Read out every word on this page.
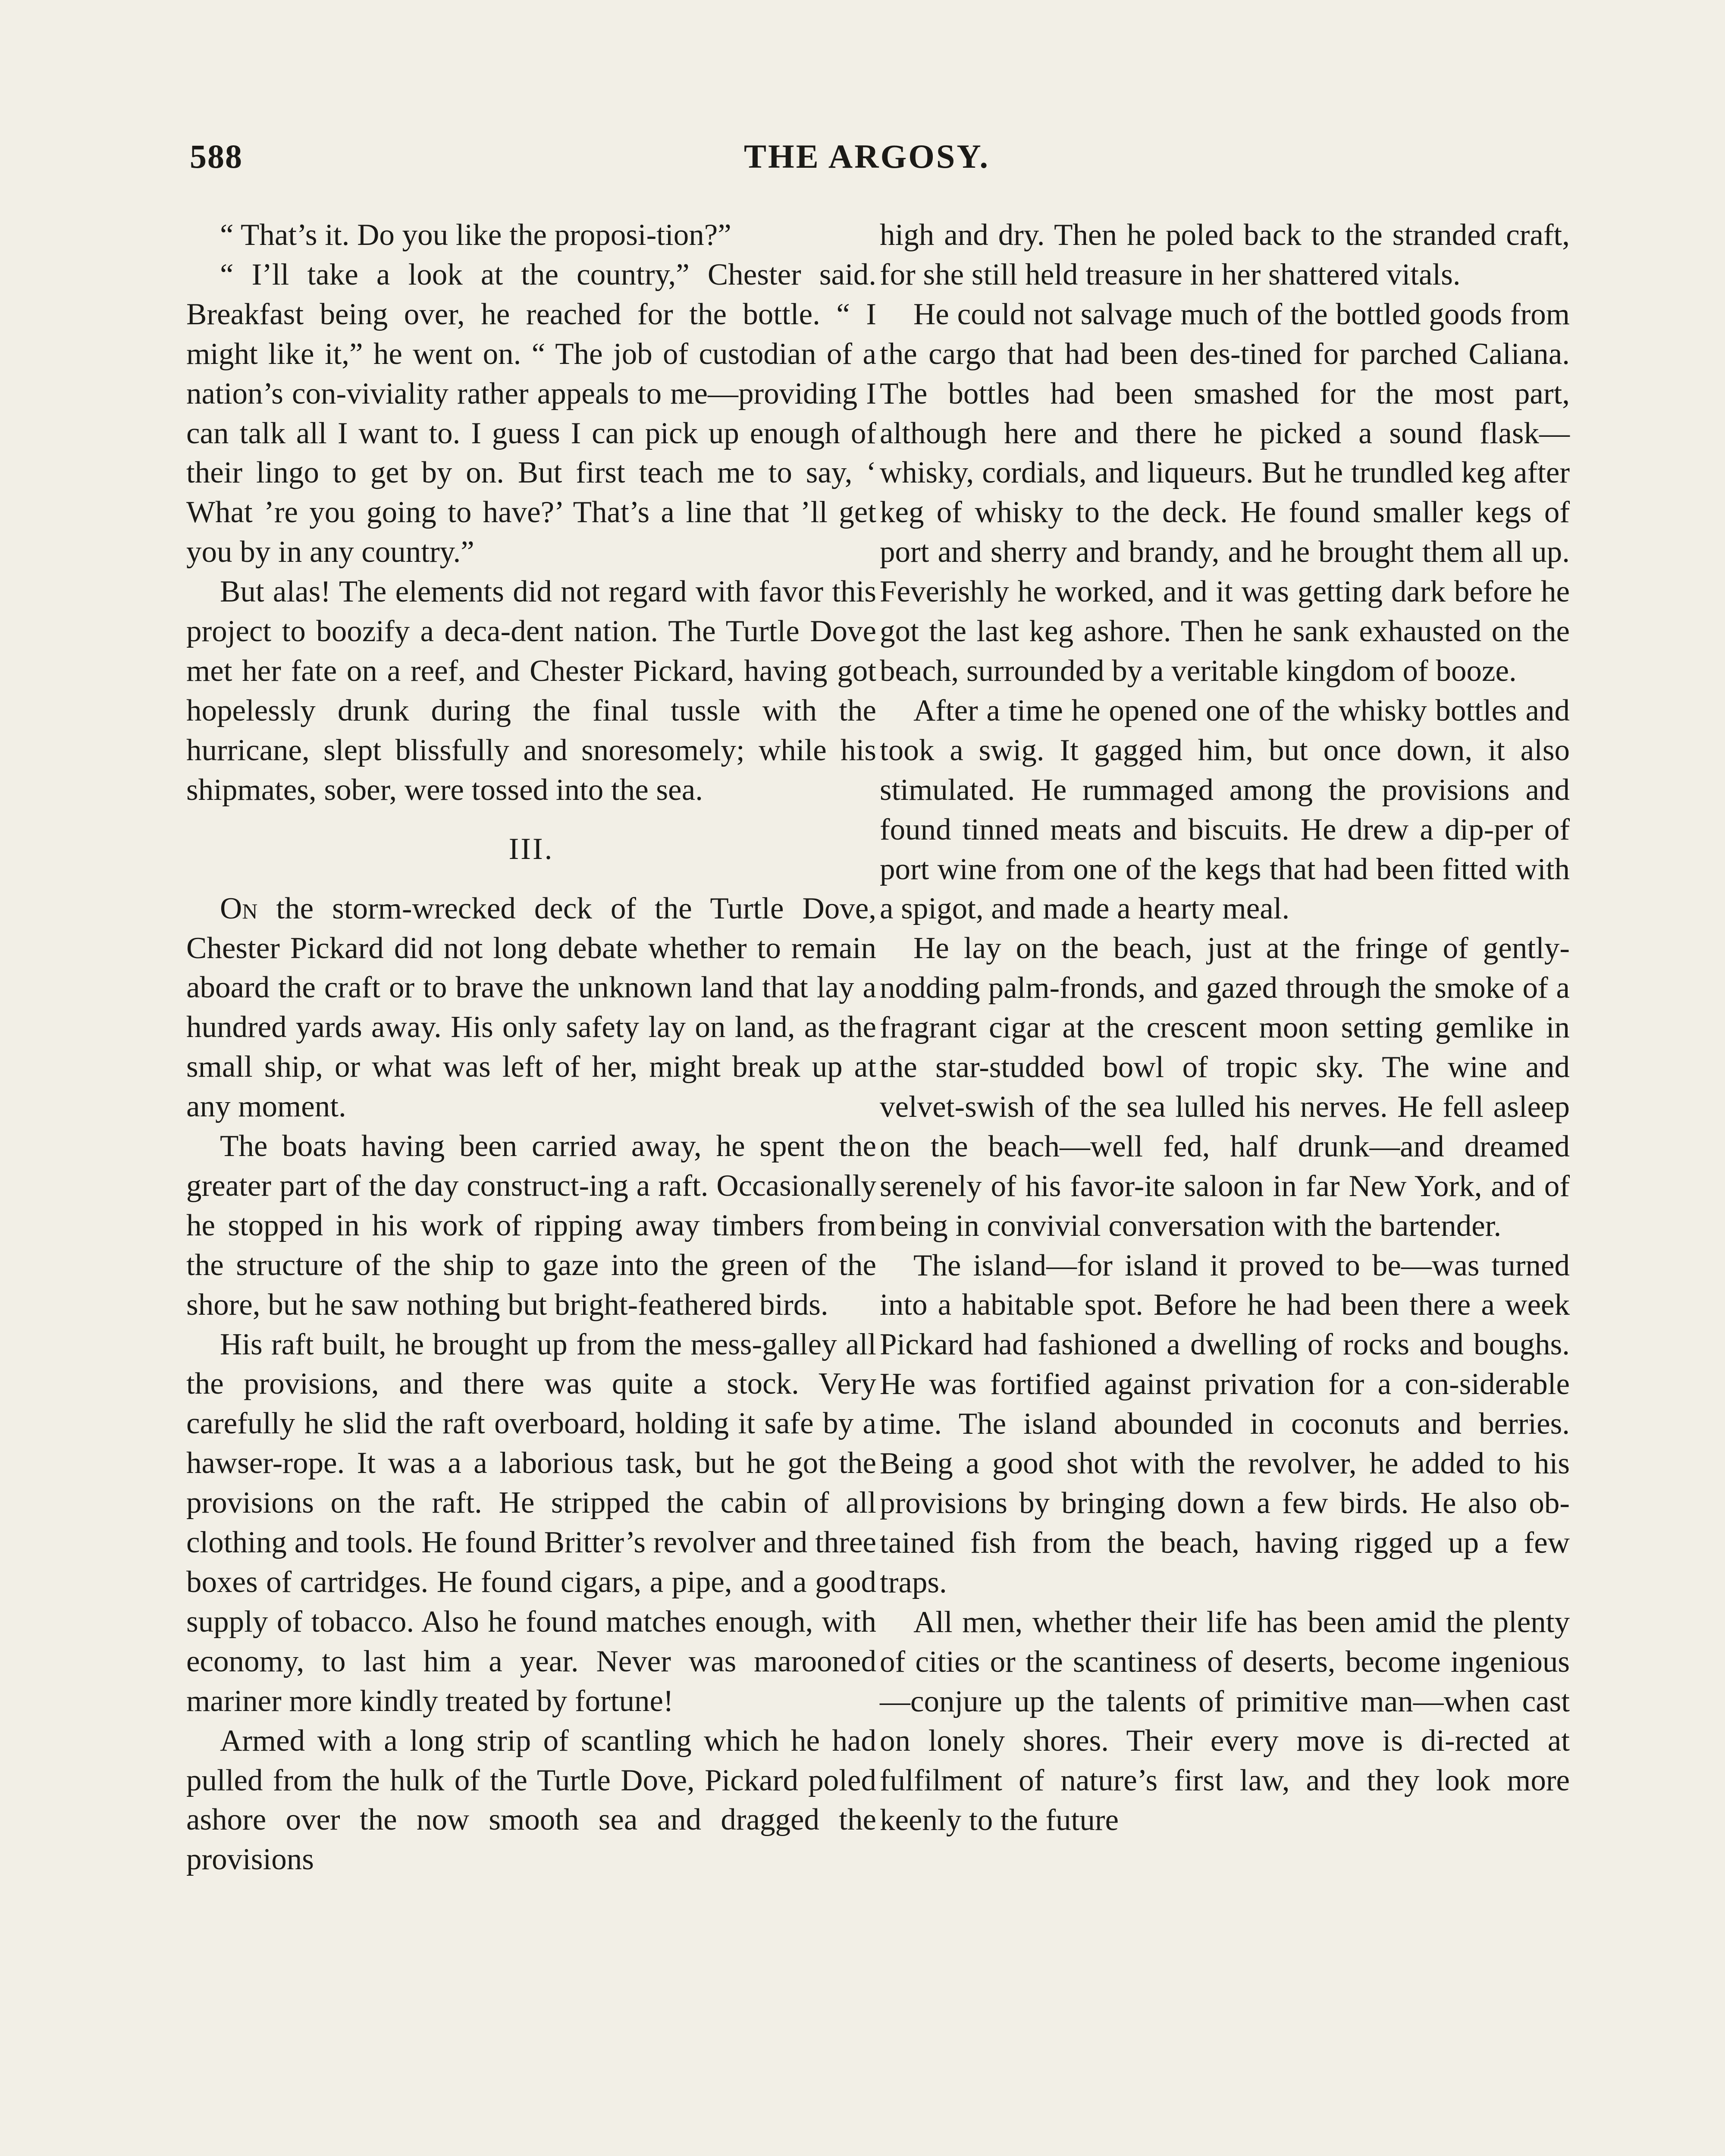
588	THE ARGOSY.

“ That’s it. Do you like the proposi-tion?”

“ I’ll take a look at the country,” Chester said. Breakfast being over, he reached for the bottle. “ I might like it,” he went on. “ The job of custodian of a nation’s con-viviality rather appeals to me—providing I can talk all I want to. I guess I can pick up enough of their lingo to get by on. But first teach me to say, ‘ What ’re you going to have?’ That’s a line that ’ll get you by in any country.”

But alas! The elements did not regard with favor this project to boozify a deca-dent nation. The Turtle Dove met her fate on a reef, and Chester Pickard, having got hopelessly drunk during the final tussle with the hurricane, slept blissfully and snoresomely; while his shipmates, sober, were tossed into the sea.

III.

On the storm-wrecked deck of the Turtle Dove, Chester Pickard did not long debate whether to remain aboard the craft or to brave the unknown land that lay a hundred yards away. His only safety lay on land, as the small ship, or what was left of her, might break up at any moment.

The boats having been carried away, he spent the greater part of the day construct-ing a raft. Occasionally he stopped in his work of ripping away timbers from the structure of the ship to gaze into the green of the shore, but he saw nothing but bright-feathered birds.

His raft built, he brought up from the mess-galley all the provisions, and there was quite a stock. Very carefully he slid the raft overboard, holding it safe by a hawser-rope. It was a a laborious task, but he got the provisions on the raft. He stripped the cabin of all clothing and tools. He found Britter’s revolver and three boxes of cartridges. He found cigars, a pipe, and a good supply of tobacco. Also he found matches enough, with economy, to last him a year. Never was marooned mariner more kindly treated by fortune!

Armed with a long strip of scantling which he had pulled from the hulk of the Turtle Dove, Pickard poled ashore over the now smooth sea and dragged the provisions

high and dry. Then he poled back to the stranded craft, for she still held treasure in her shattered vitals.

He could not salvage much of the bottled goods from the cargo that had been des-tined for parched Caliana. The bottles had been smashed for the most part, although here and there he picked a sound flask—whisky, cordials, and liqueurs. But he trundled keg after keg of whisky to the deck. He found smaller kegs of port and sherry and brandy, and he brought them all up. Feverishly he worked, and it was getting dark before he got the last keg ashore. Then he sank exhausted on the beach, surrounded by a veritable kingdom of booze.

After a time he opened one of the whisky bottles and took a swig. It gagged him, but once down, it also stimulated. He rummaged among the provisions and found tinned meats and biscuits. He drew a dip-per of port wine from one of the kegs that had been fitted with a spigot, and made a hearty meal.

He lay on the beach, just at the fringe of gently-nodding palm-fronds, and gazed through the smoke of a fragrant cigar at the crescent moon setting gemlike in the star-studded bowl of tropic sky. The wine and velvet-swish of the sea lulled his nerves. He fell asleep on the beach—well fed, half drunk—and dreamed serenely of his favor-ite saloon in far New York, and of being in convivial conversation with the bartender.

The island—for island it proved to be—was turned into a habitable spot. Before he had been there a week Pickard had fashioned a dwelling of rocks and boughs. He was fortified against privation for a con-siderable time. The island abounded in coconuts and berries. Being a good shot with the revolver, he added to his provisions by bringing down a few birds. He also ob-tained fish from the beach, having rigged up a few traps.

All men, whether their life has been amid the plenty of cities or the scantiness of deserts, become ingenious—conjure up the talents of primitive man—when cast on lonely shores. Their every move is di-rected at fulfilment of nature’s first law, and they look more keenly to the future
